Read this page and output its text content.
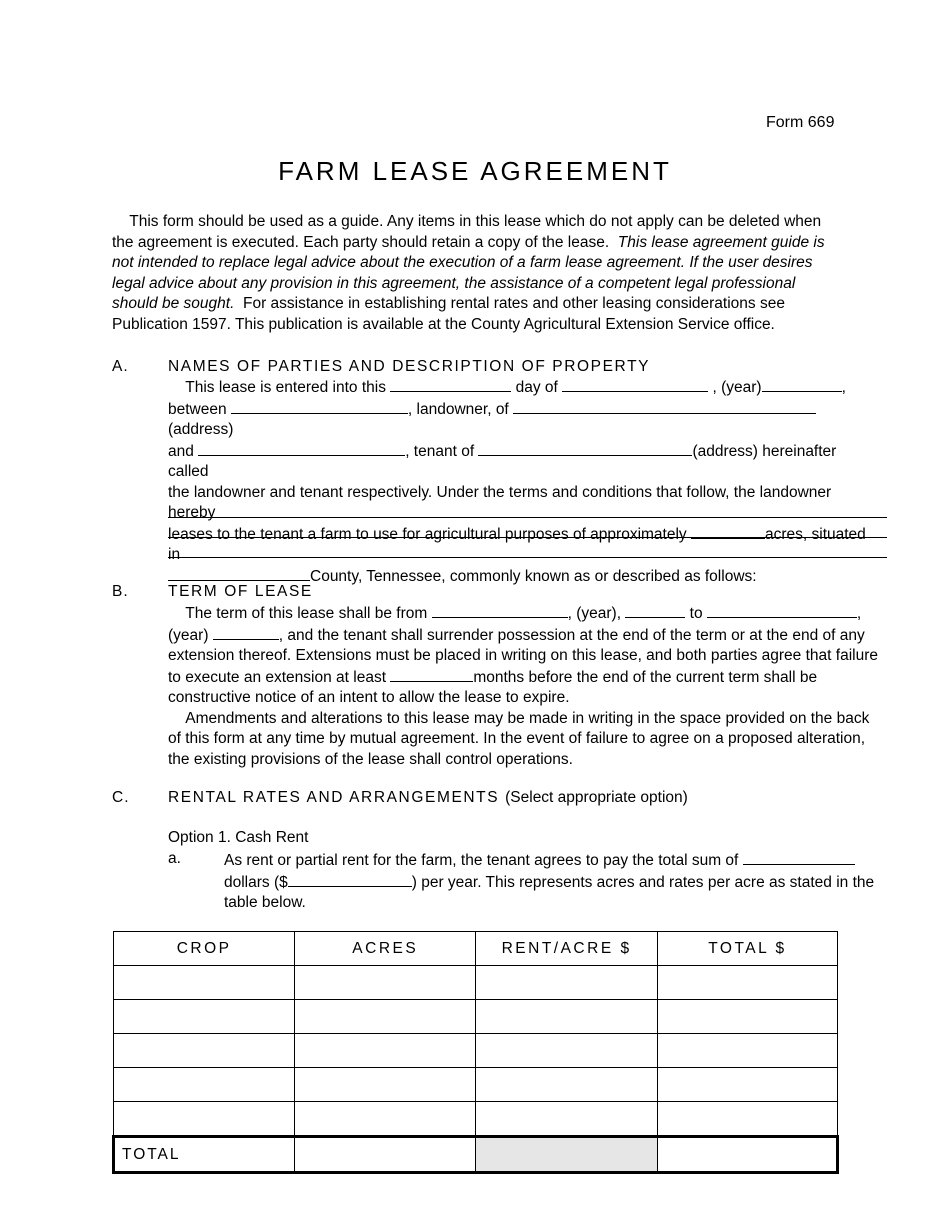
Form 669
FARM LEASE AGREEMENT
This form should be used as a guide. Any items in this lease which do not apply can be deleted when the agreement is executed. Each party should retain a copy of the lease. This lease agreement guide is not intended to replace legal advice about the execution of a farm lease agreement. If the user desires legal advice about any provision in this agreement, the assistance of a competent legal professional should be sought. For assistance in establishing rental rates and other leasing considerations see Publication 1597. This publication is available at the County Agricultural Extension Service office.
A.	NAMES OF PARTIES AND DESCRIPTION OF PROPERTY
This lease is entered into this	day of	, (year)	,
between	, landowner, of (address)
and	, tenant of	(address) hereinafter called
the landowner and tenant respectively. Under the terms and conditions that follow, the landowner hereby
leases to the tenant a farm to use for agricultural purposes of approximately	acres, situated in
County, Tennessee, commonly known as or described as follows:
B.	TERM OF LEASE
The term of this lease shall be from	, (year),	to	,
(year)	, and the tenant shall surrender possession at the end of the term or at the end of any
extension thereof. Extensions must be placed in writing on this lease, and both parties agree that failure
to execute an extension at least	months before the end of the current term shall be
constructive notice of an intent to allow the lease to expire.
Amendments and alterations to this lease may be made in writing in the space provided on the back of this form at any time by mutual agreement. In the event of failure to agree on a proposed alteration, the existing provisions of the lease shall control operations.
C. RENTAL RATES AND ARRANGEMENTS (Select appropriate option)
Option 1. Cash Rent
a.	As rent or partial rent for the farm, the tenant agrees to pay the total sum of
dollars ($	) per year. This represents acres and rates per acre as stated in the
table below.
CROP	ACRES	RENT/ACRE $	TOTAL $

TOTAL			
